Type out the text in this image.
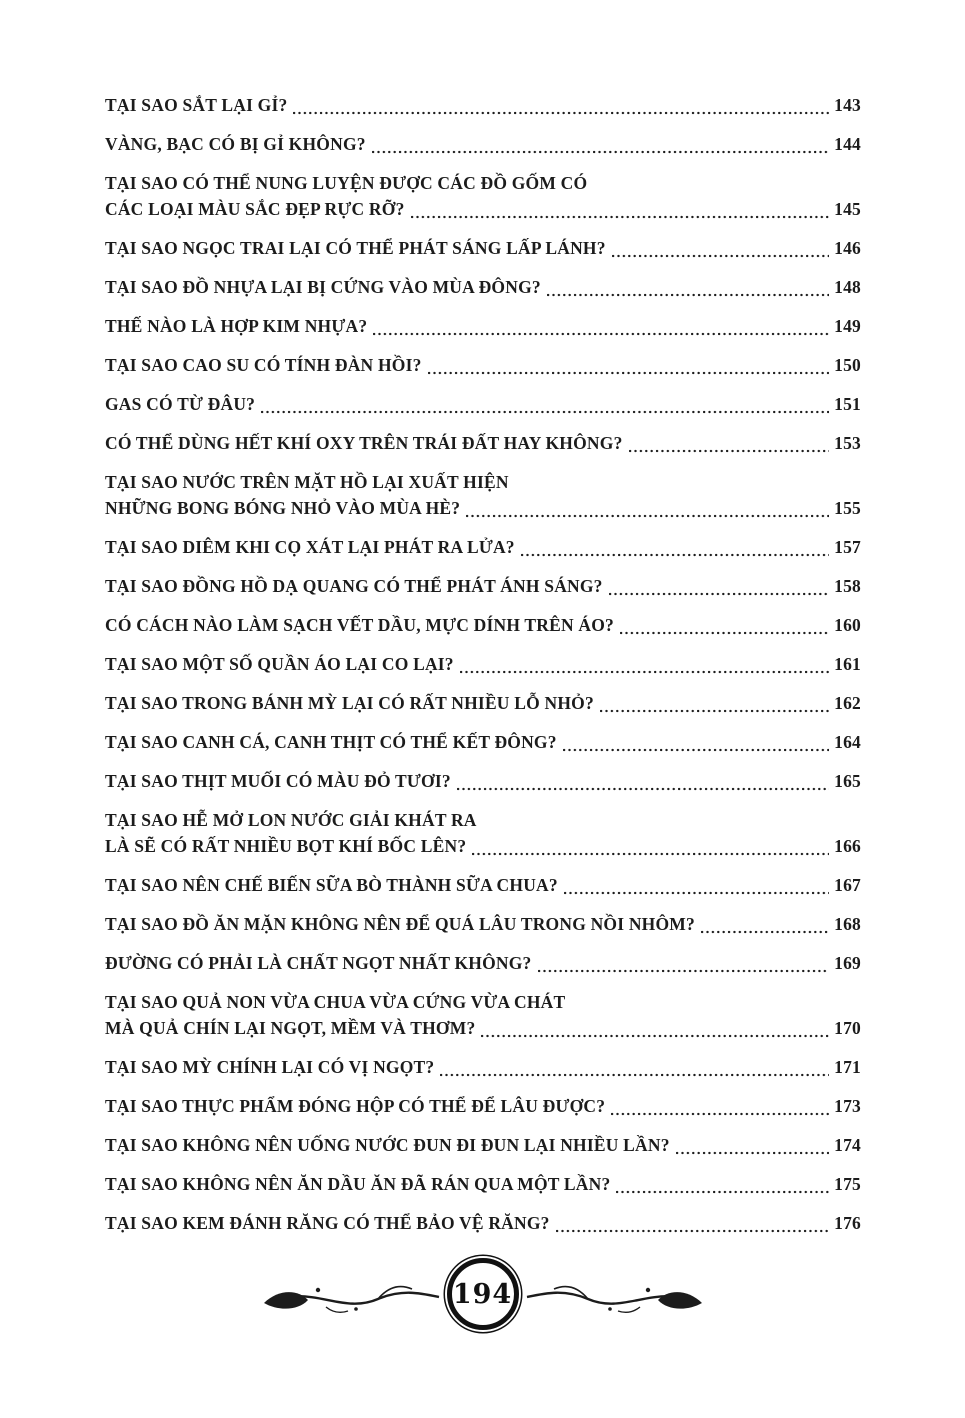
TẠI SAO SẮT LẠI GỈ?	143
VÀNG, BẠC CÓ BỊ GỈ KHÔNG?	144
TẠI SAO CÓ THỂ NUNG LUYỆN ĐƯỢC CÁC ĐỒ GỐM CÓ
CÁC LOẠI MÀU SẮC ĐẸP RỰC RỠ?	145
TẠI SAO NGỌC TRAI LẠI CÓ THỂ PHÁT SÁNG LẤP LÁNH?	146
TẠI SAO ĐỒ NHỰA LẠI BỊ CỨNG VÀO MÙA ĐÔNG?	148
THẾ NÀO LÀ HỢP KIM NHỰA?	149
TẠI SAO CAO SU CÓ TÍNH ĐÀN HỒI?	150
GAS CÓ TỪ ĐÂU?	151
CÓ THỂ DÙNG HẾT KHÍ OXY TRÊN TRÁI ĐẤT HAY KHÔNG?	153
TẠI SAO NƯỚC TRÊN MẶT HỒ LẠI XUẤT HIỆN
NHỮNG BONG BÓNG NHỎ VÀO MÙA HÈ?	155
TẠI SAO DIÊM KHI CỌ XÁT LẠI PHÁT RA LỬA?	157
TẠI SAO ĐỒNG HỒ DẠ QUANG CÓ THỂ PHÁT ÁNH SÁNG?	158
CÓ CÁCH NÀO LÀM SẠCH VẾT DẦU, MỰC DÍNH TRÊN ÁO?	160
TẠI SAO MỘT SỐ QUẦN ÁO LẠI CO LẠI?	161
TẠI SAO TRONG BÁNH MỲ LẠI CÓ RẤT NHIỀU LỖ NHỎ?	162
TẠI SAO CANH CÁ, CANH THỊT CÓ THỂ KẾT ĐÔNG?	164
TẠI SAO THỊT MUỐI CÓ MÀU ĐỎ TƯƠI?	165
TẠI SAO HỄ MỞ LON NƯỚC GIẢI KHÁT RA
LÀ SẼ CÓ RẤT NHIỀU BỌT KHÍ BỐC LÊN?	166
TẠI SAO NÊN CHẾ BIẾN SỮA BÒ THÀNH SỮA CHUA?	167
TẠI SAO ĐỒ ĂN MẶN KHÔNG NÊN ĐỂ QUÁ LÂU TRONG NỒI NHÔM?	168
ĐƯỜNG CÓ PHẢI LÀ CHẤT NGỌT NHẤT KHÔNG?	169
TẠI SAO QUẢ NON VỪA CHUA VỪA CỨNG VỪA CHÁT
MÀ QUẢ CHÍN LẠI NGỌT, MỀM VÀ THƠM?	170
TẠI SAO MỲ CHÍNH LẠI CÓ VỊ NGỌT?	171
TẠI SAO THỰC PHẨM ĐÓNG HỘP CÓ THỂ ĐỂ LÂU ĐƯỢC?	173
TẠI SAO KHÔNG NÊN UỐNG NƯỚC ĐUN ĐI ĐUN LẠI NHIỀU LẦN?	174
TẠI SAO KHÔNG NÊN ĂN DẦU ĂN ĐÃ RÁN QUA MỘT LẦN?	175
TẠI SAO KEM ĐÁNH RĂNG CÓ THỂ BẢO VỆ RĂNG?	176
194
